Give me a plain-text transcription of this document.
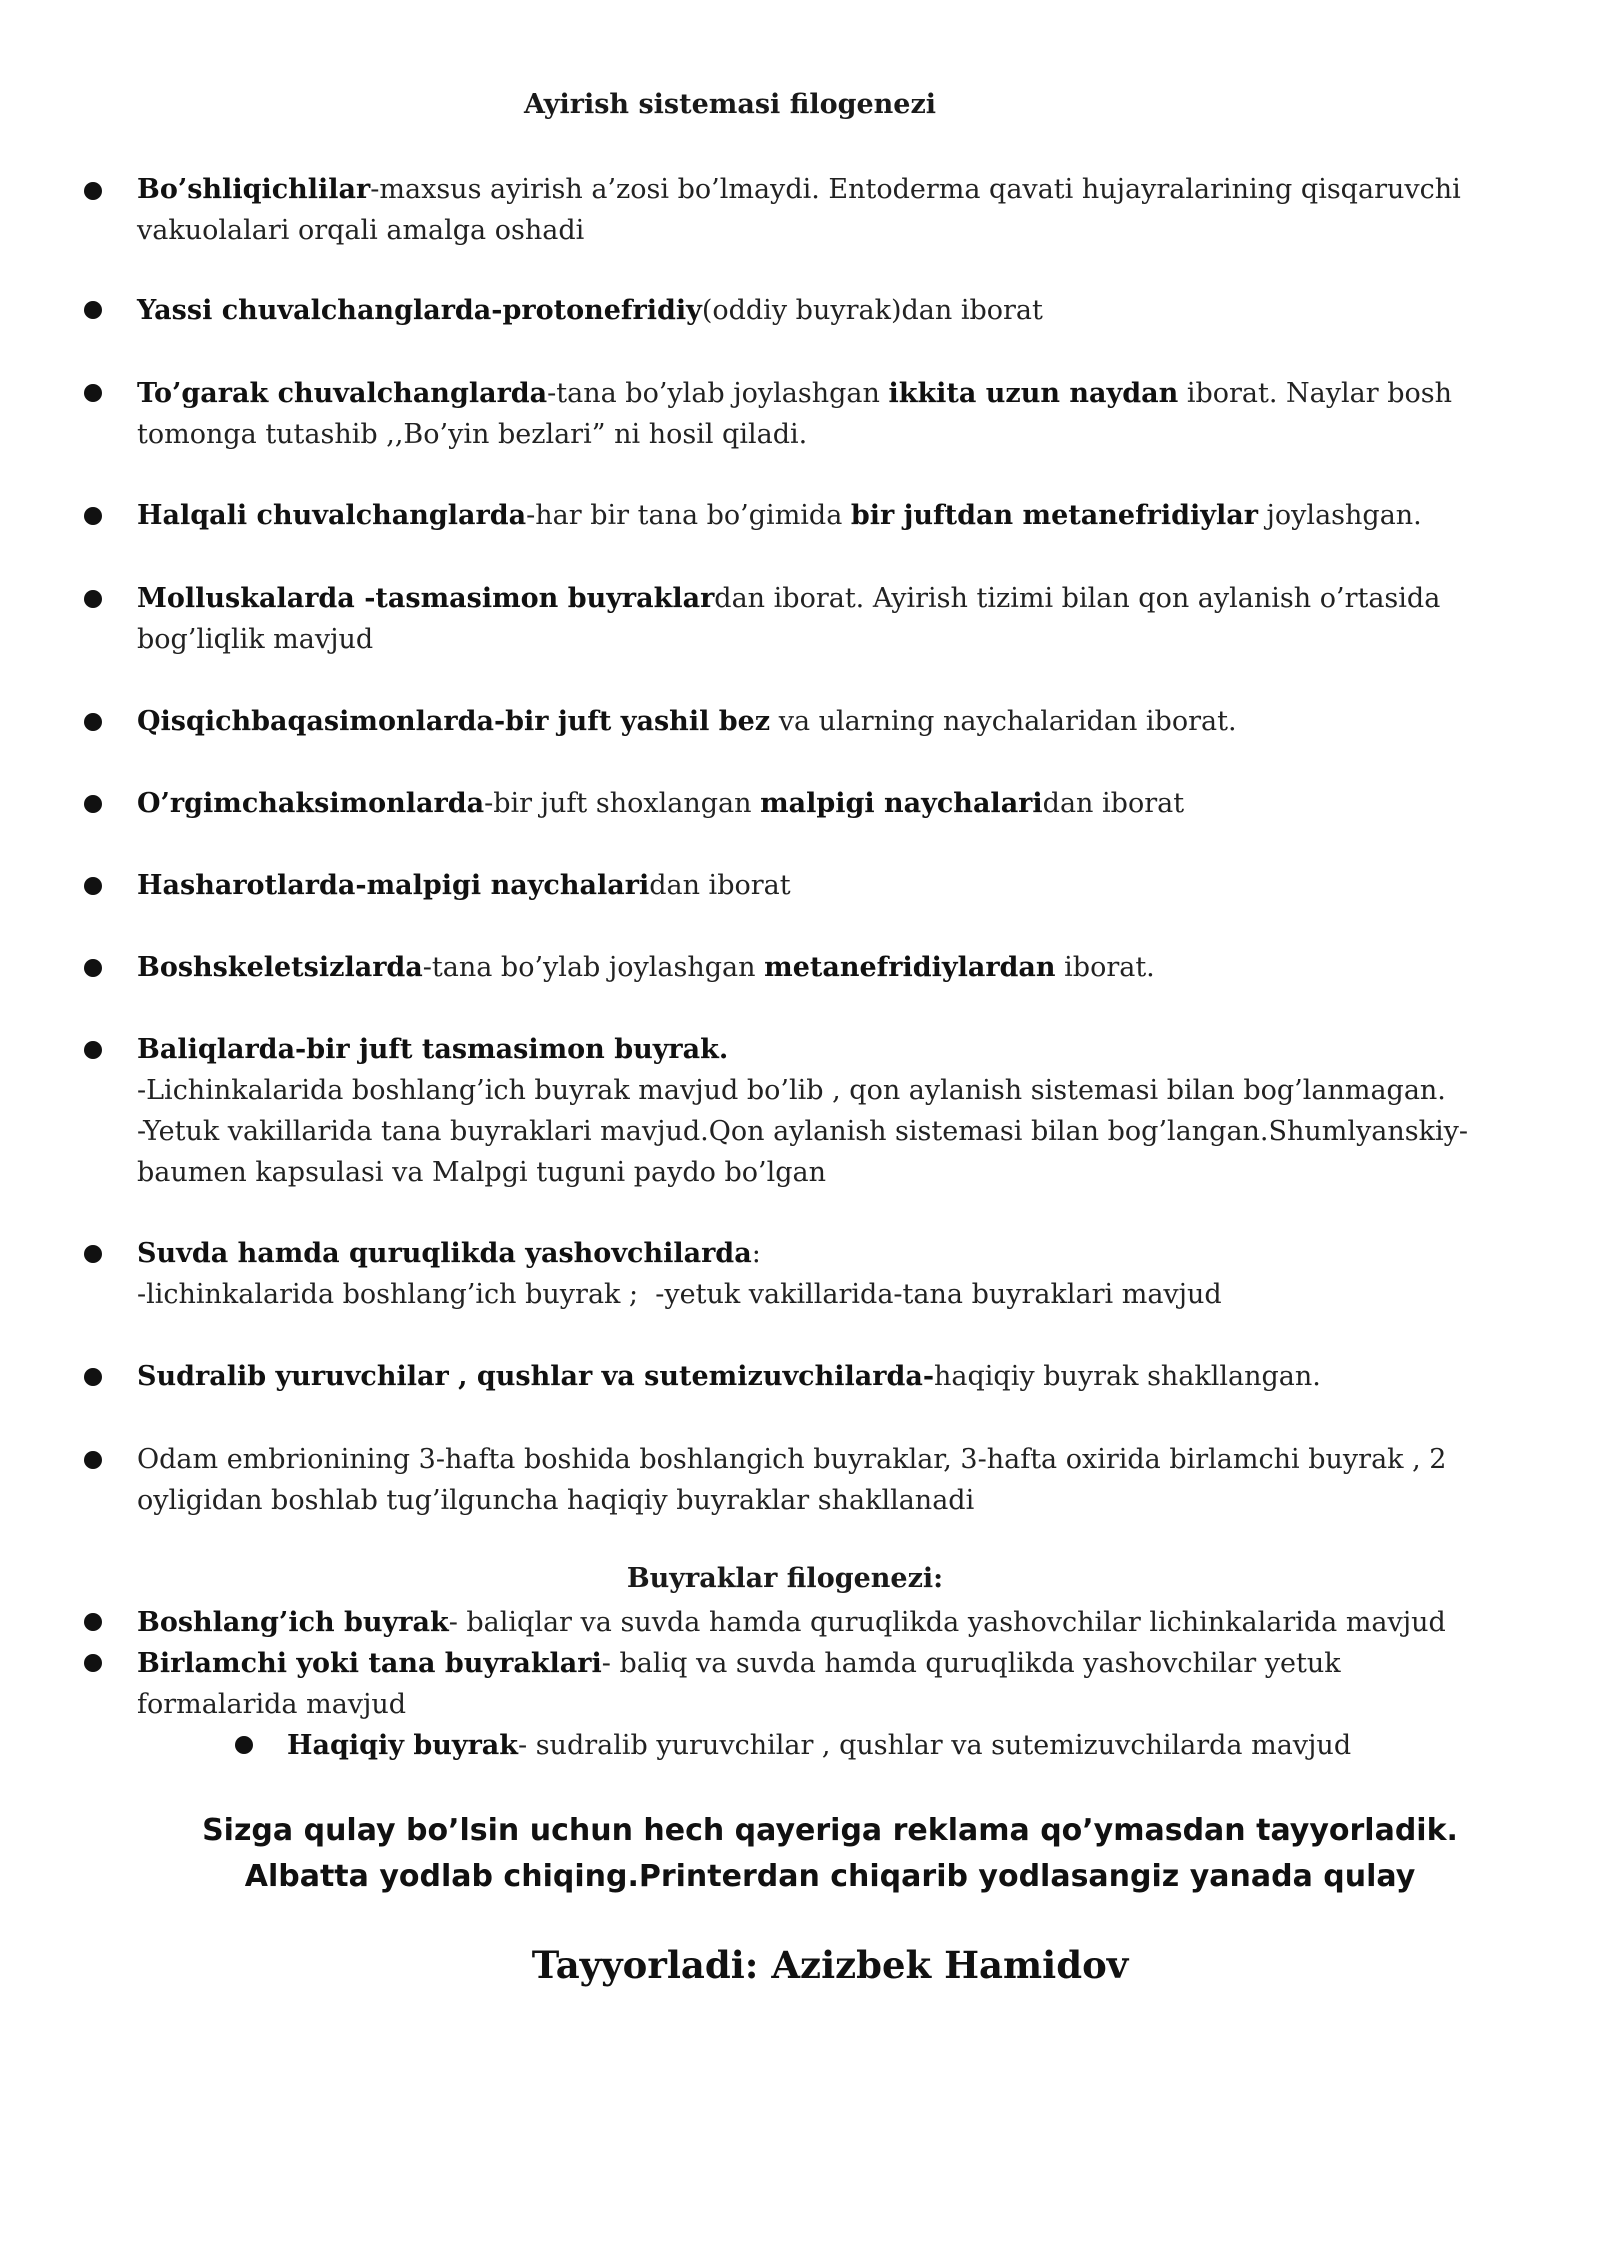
Ayirish sistemasi filogenezi
Bo’shliqichlilar-maxsus ayirish a’zosi bo’lmaydi. Entoderma qavati hujayralarining qisqaruvchi vakuolalari orqali amalga oshadi
Yassi chuvalchanglarda-protonefridiy(oddiy buyrak)dan iborat
To’garak chuvalchanglarda-tana bo’ylab joylashgan ikkita uzun naydan iborat. Naylar bosh tomonga tutashib ,,Bo’yin bezlari” ni hosil qiladi.
Halqali chuvalchanglarda-har bir tana bo’gimida bir juftdan metanefridiylar joylashgan.
Molluskalarda -tasmasimon buyraklardan iborat. Ayirish tizimi bilan qon aylanish o’rtasida bog’liqlik mavjud
Qisqichbaqasimonlarda-bir juft yashil bez va ularning naychalaridan iborat.
O’rgimchaksimonlarda-bir juft shoxlangan malpigi naychalaridan iborat
Hasharotlarda-malpigi naychalaridan iborat
Boshskeletsizlarda-tana bo’ylab joylashgan metanefridiylardan iborat.
Baliqlarda-bir juft tasmasimon buyrak.
-Lichinkalarida boshlang’ich buyrak mavjud bo’lib , qon aylanish sistemasi bilan bog’lanmagan.
-Yetuk vakillarida tana buyraklari mavjud.Qon aylanish sistemasi bilan bog’langan.Shumlyanskiy-baumen kapsulasi va Malpgi tuguni paydo bo’lgan
Suvda hamda quruqlikda yashovchilarda:
-lichinkalarida boshlang’ich buyrak ;  -yetuk vakillarida-tana buyraklari mavjud
Sudralib yuruvchilar , qushlar va sutemizuvchilarda-haqiqiy buyrak shakllangan.
Odam embrionining 3-hafta boshida boshlangich buyraklar, 3-hafta oxirida birlamchi buyrak , 2 oyligidan boshlab tug’ilguncha haqiqiy buyraklar shakllanadi
Buyraklar filogenezi:
Boshlang’ich buyrak- baliqlar va suvda hamda quruqlikda yashovchilar lichinkalarida mavjud
Birlamchi yoki tana buyraklari- baliq va suvda hamda quruqlikda yashovchilar yetuk formalarida mavjud
Haqiqiy buyrak- sudralib yuruvchilar , qushlar va sutemizuvchilarda mavjud
Sizga qulay bo’lsin uchun hech qayeriga reklama qo’ymasdan tayyorladik. Albatta yodlab chiqing.Printerdan chiqarib yodlasangiz yanada qulay
Tayyorladi: Azizbek Hamidov
